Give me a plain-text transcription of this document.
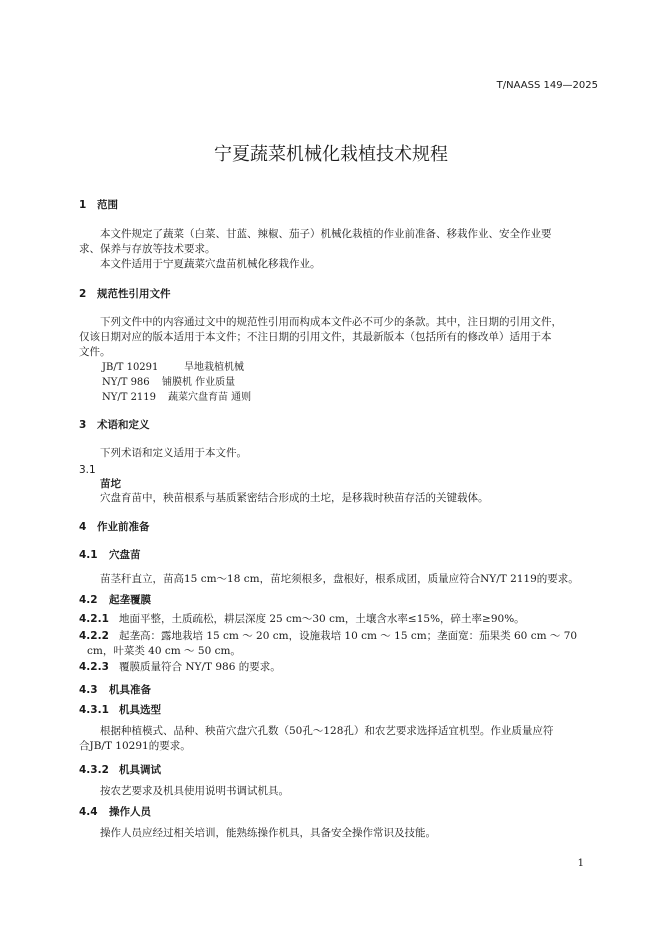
T/NAASS 149—2025
宁夏蔬菜机械化栽植技术规程
1 范围

本文件规定了蔬菜（白菜、甘蓝、辣椒、茄子）机械化栽植的作业前准备、移栽作业、安全作业要

求、保养与存放等技术要求。

本文件适用于宁夏蔬菜穴盘苗机械化移栽作业。

2 规范性引用文件

下列文件中的内容通过文中的规范性引用而构成本文件必不可少的条款。其中，注日期的引用文件，

仅该日期对应的版本适用于本文件；不注日期的引用文件，其最新版本（包括所有的修改单）适用于本

文件。

JB/T 10291	旱地栽植机械
NY/T 986 铺膜机 作业质量
NY/T 2119 蔬菜穴盘育苗 通则
3 术语和定义
下列术语和定义适用于本文件。
3.1
苗坨
穴盘育苗中，秧苗根系与基质紧密结合形成的土坨，是移栽时秧苗存活的关键载体。
4 作业前准备
4.1 穴盘苗
苗茎秆直立，苗高15 cm～18 cm，苗坨须根多，盘根好，根系成团，质量应符合NY/T 2119的要求。
4.2 起垄覆膜
4.2.1 地面平整，土质疏松，耕层深度 25 cm～30 cm，土壤含水率≤15%，碎土率≥90%。
4.2.2 起垄高：露地栽培 15 cm ～ 20 cm，设施栽培 10 cm ～ 15 cm；垄面宽：茄果类 60 cm ～ 70
cm，叶菜类 40 cm ～ 50 cm。
4.2.3 覆膜质量符合 NY/T 986 的要求。
4.3 机具准备
4.3.1 机具选型

根据种植模式、品种、秧苗穴盘穴孔数（50孔～128孔）和农艺要求选择适宜机型。作业质量应符

合JB/T 10291的要求。

4.3.2 机具调试
按农艺要求及机具使用说明书调试机具。
4.4 操作人员
操作人员应经过相关培训，能熟练操作机具，具备安全操作常识及技能。
1
